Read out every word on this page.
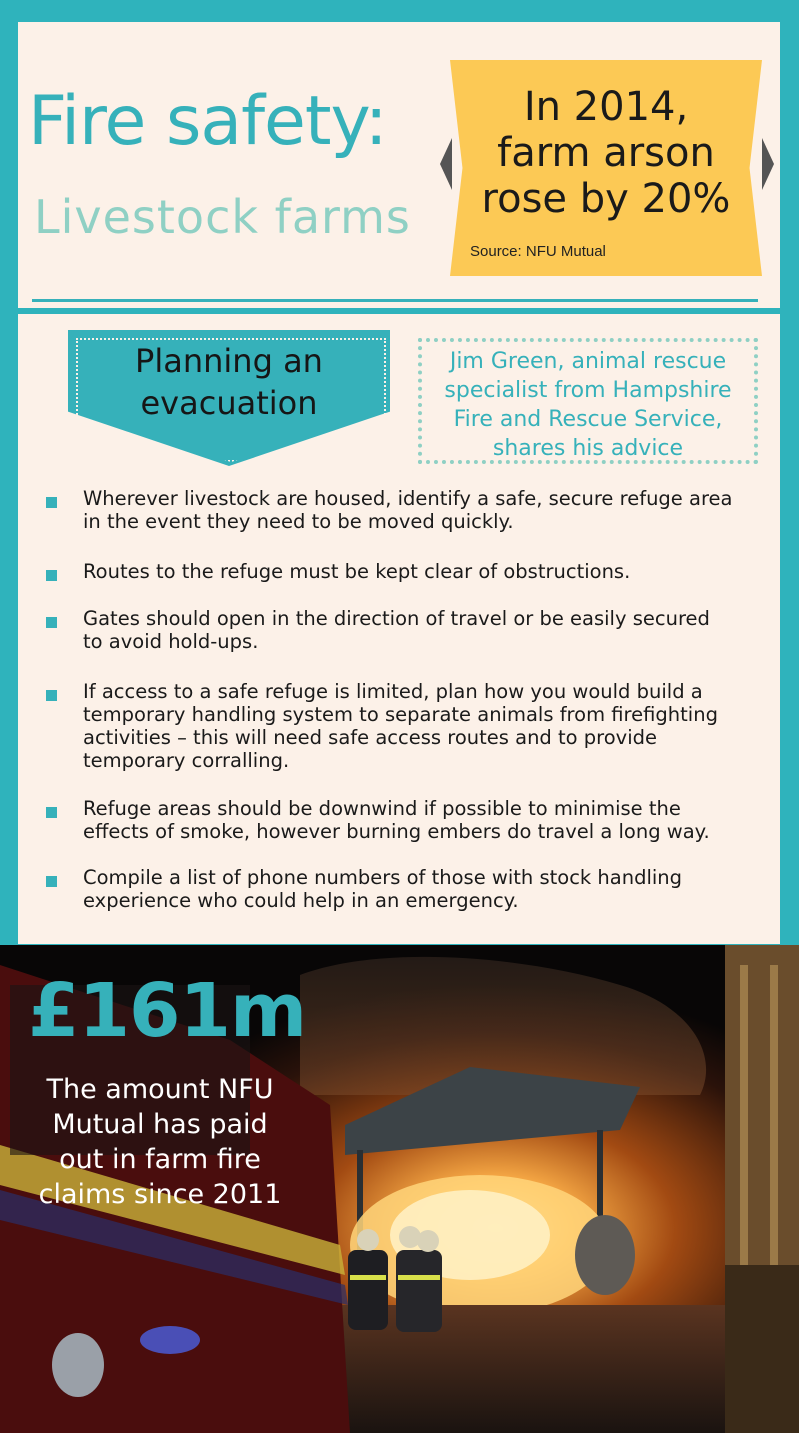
Fire safety:
Livestock farms
In 2014,
farm arson
rose by 20%
Source: NFU Mutual
Planning an
evacuation
Jim Green, animal rescue
specialist from Hampshire
Fire and Rescue Service,
shares his advice
Wherever livestock are housed, identify a safe, secure refuge area
in the event they need to be moved quickly.
Routes to the refuge must be kept clear of obstructions.
Gates should open in the direction of travel or be easily secured
to avoid hold-ups.
If access to a safe refuge is limited, plan how you would build a
temporary handling system to separate animals from firefighting
activities – this will need safe access routes and to provide
temporary corralling.
Refuge areas should be downwind if possible to minimise the
effects of smoke, however burning embers do travel a long way.
Compile a list of phone numbers of those with stock handling
experience who could help in an emergency.
£161m
The amount NFU
Mutual has paid
out in farm fire
claims since 2011
